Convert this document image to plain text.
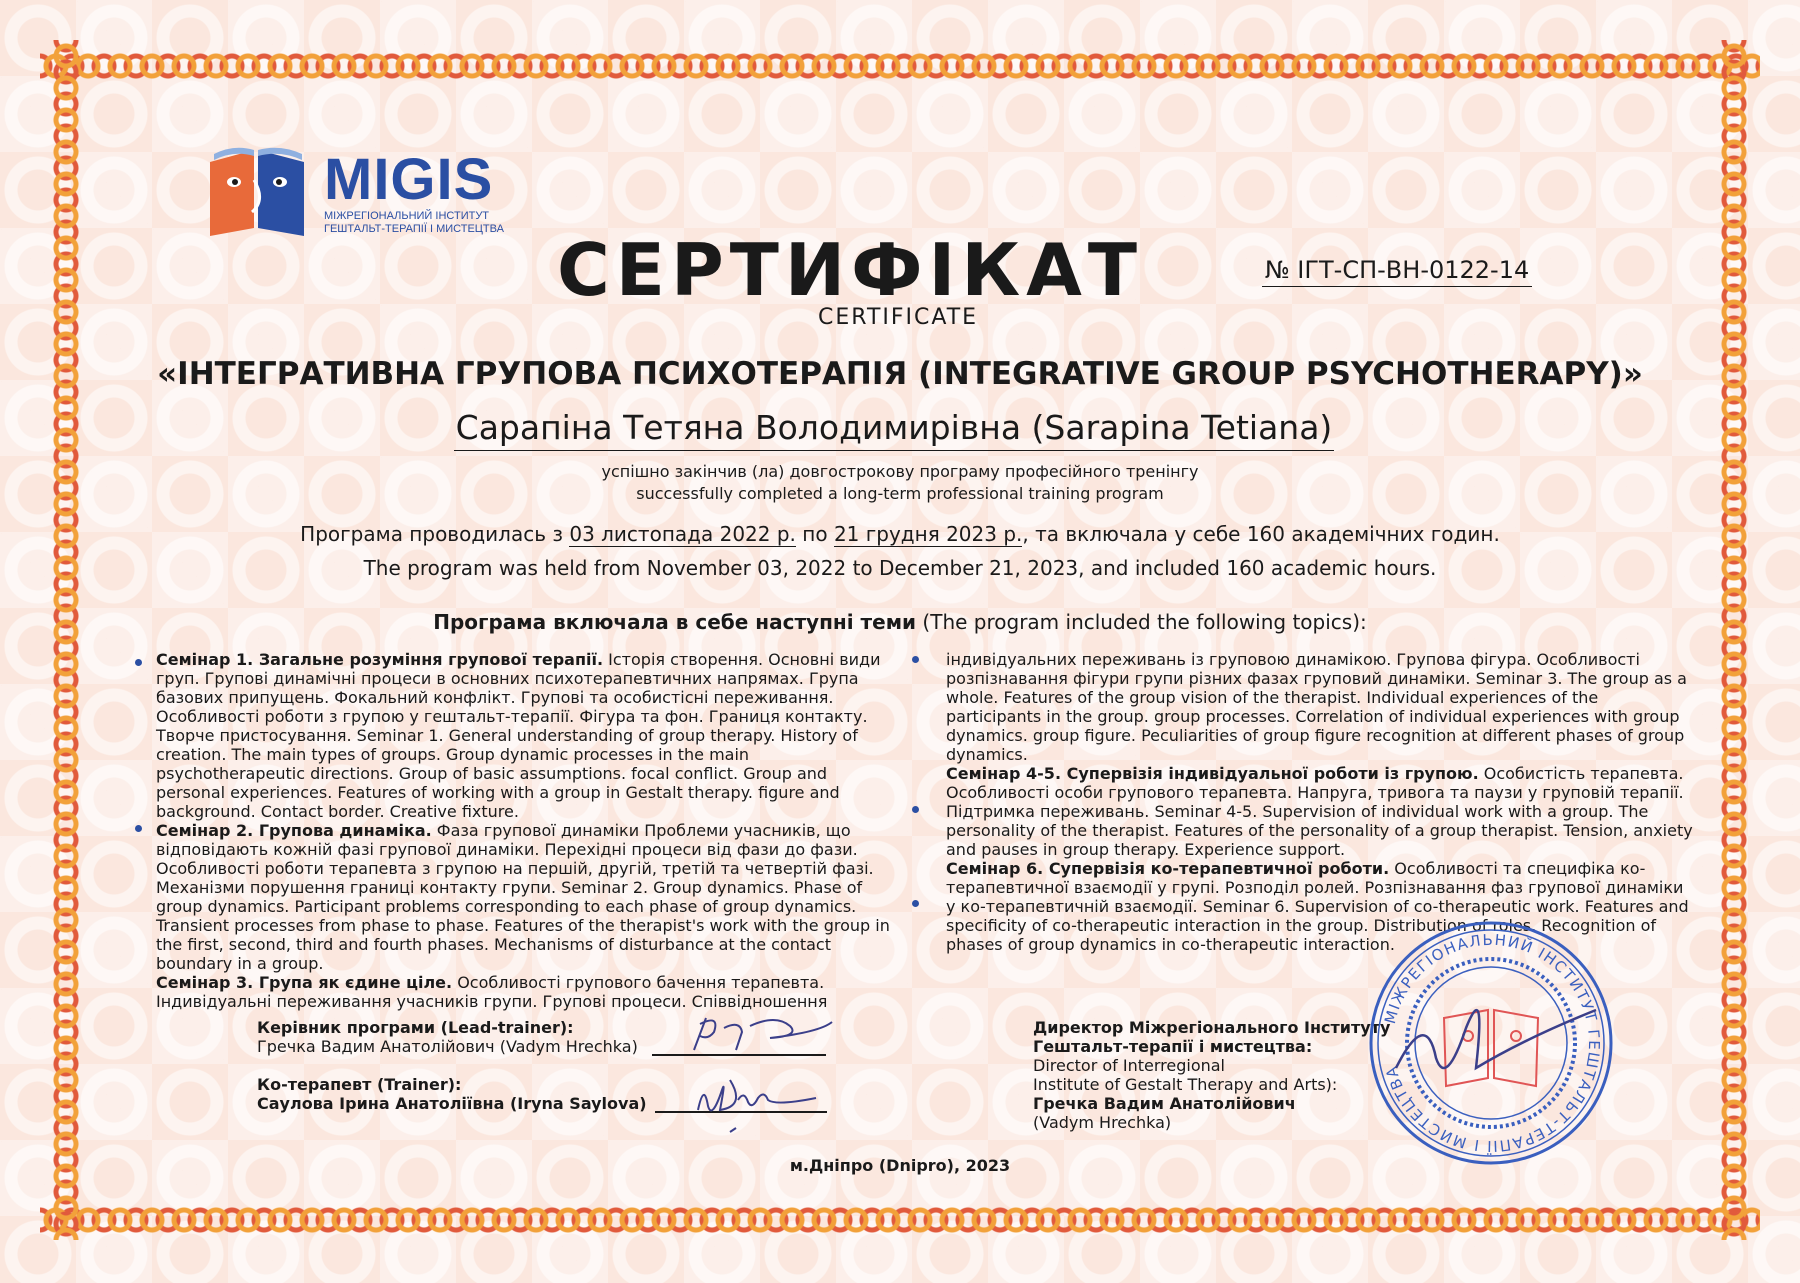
MIGIS
МІЖРЕГІОНАЛЬНИЙ ІНСТИТУТ
ГЕШТАЛЬТ-ТЕРАПІЇ І МИСТЕЦТВА СЕРТИФІКАТ
CERTIFICATE
№ ІГТ-СП-ВН-0122-14
«ІНТЕГРАТИВНА ГРУПОВА ПСИХОТЕРАПІЯ (INTEGRATIVE GROUP PSYCHOTHERAPY)»
Сарапіна Тетяна Володимирівна (Sarapina Tetiana)
успішно закінчив (ла) довгострокову програму професійного тренінгу
successfully completed a long-term professional training program
Програма проводилась з 03 листопада 2022 р. по 21 грудня 2023 р., та включала у себе 160 академічних годин.
The program was held from November 03, 2022 to December 21, 2023, and included 160 academic hours.
Програма включала в себе наступні теми (The program included the following topics):

Семінар 1. Загальне розуміння групової терапії. Історія створення. Основні види груп. Групові динамічні процеси в основних психотерапевтичних напрямах. Група базових припущень. Фокальний конфлікт. Групові та особистісні переживання. Особливості роботи з групою у гештальт-терапії. Фігура та фон. Границя контакту. Творче пристосування. Seminar 1. General understanding of group therapy. History of creation. The main types of groups. Group dynamic processes in the main psychotherapeutic directions. Group of basic assumptions. focal conflict. Group and personal experiences. Features of working with a group in Gestalt therapy. figure and background. Contact border. Creative fixture.

Семінар 2. Групова динаміка. Фаза групової динаміки Проблеми учасників, що відповідають кожній фазі групової динаміки. Перехідні процеси від фази до фази. Особливості роботи терапевта з групою на першій, другій, третій та четвертій фазі. Механізми порушення границі контакту групи. Seminar 2. Group dynamics. Phase of group dynamics. Participant problems corresponding to each phase of group dynamics. Transient processes from phase to phase. Features of the therapist's work with the group in the first, second, third and fourth phases. Mechanisms of disturbance at the contact boundary in a group.

Семінар 3. Група як єдине ціле. Особливості групового бачення терапевта. Індивідуальні переживання учасників групи. Групові процеси. Співвідношення

індивідуальних переживань із груповою динамікою. Групова фігура. Особливості розпізнавання фігури групи різних фазах груповий динаміки. Seminar 3. The group as a whole. Features of the group vision of the therapist. Individual experiences of the participants in the group. group processes. Correlation of individual experiences with group dynamics. group figure. Peculiarities of group figure recognition at different phases of group dynamics.

Семінар 4-5. Супервізія індивідуальної роботи із групою. Особистість терапевта. Особливості особи групового терапевта. Напруга, тривога та паузи у груповій терапії. Підтримка переживань. Seminar 4-5. Supervision of individual work with a group. The personality of the therapist. Features of the personality of a group therapist. Tension, anxiety and pauses in group therapy. Experience support.

Семінар 6. Супервізія ко-терапевтичної роботи. Особливості та специфіка ко-терапевтичної взаємодії у групі. Розподіл ролей. Розпізнавання фаз групової динаміки у ко-терапевтичній взаємодії. Seminar 6. Supervision of co-therapeutic work. Features and specificity of co-therapeutic interaction in the group. Distribution of roles. Recognition of phases of group dynamics in co-therapeutic interaction.

Керівник програми (Lead-trainer):
Гречка Вадим Анатолійович (Vadym Hrechka)
Ко-терапевт (Trainer):
Саулова Ірина Анатоліївна (Iryna Saylova)
Директор Міжрегіонального Інституту
Гештальт-терапії і мистецтва:
Director of Interregional
Institute of Gestalt Therapy and Arts):
Гречка Вадим Анатолійович
(Vadym Hrechka)
МІЖРЕГІОНАЛЬНИЙ ІНСТИТУТ ГЕШТАЛЬТ-ТЕРАПІЇ І МИСТЕЦТВА
м.Дніпро (Dnipro), 2023
